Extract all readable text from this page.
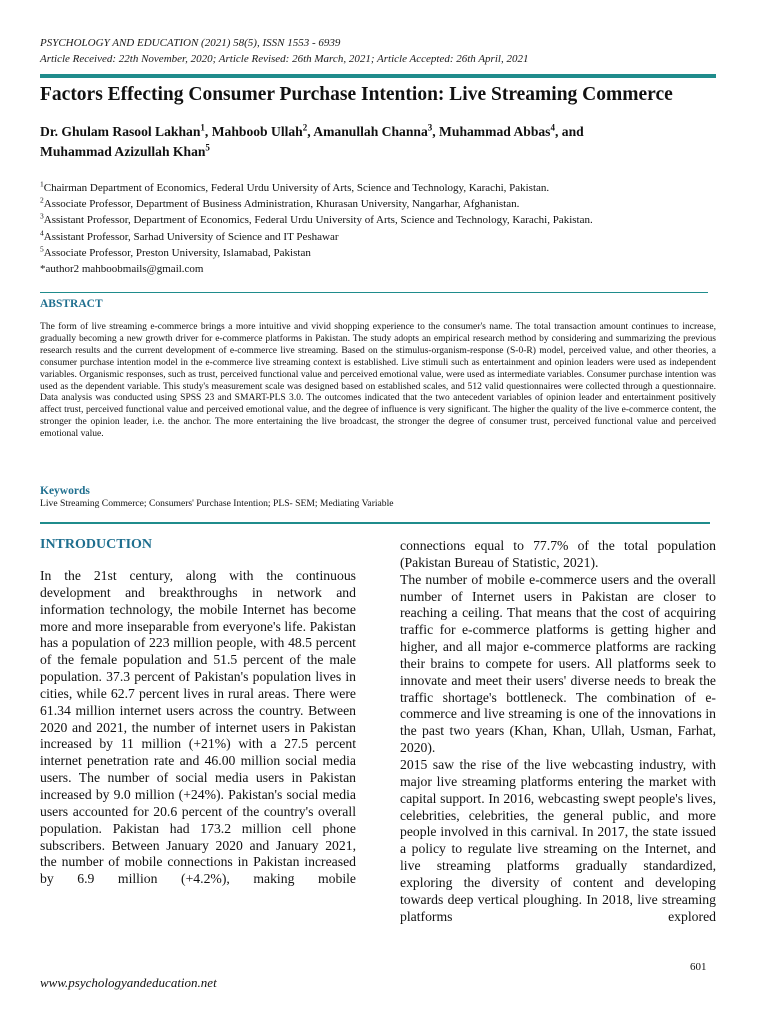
PSYCHOLOGY AND EDUCATION (2021) 58(5), ISSN 1553 - 6939
Article Received: 22th November, 2020; Article Revised: 26th March, 2021; Article Accepted: 26th April, 2021
Factors Effecting Consumer Purchase Intention: Live Streaming Commerce
Dr. Ghulam Rasool Lakhan$^1$, Mahboob Ullah$^2$, Amanullah Channa$^3$, Muhammad Abbas$^4$, and
Muhammad Azizullah Khan$^5$
$^1$Chairman Department of Economics, Federal Urdu University of Arts, Science and Technology, Karachi, Pakistan.
$^2$Associate Professor, Department of Business Administration, Khurasan University, Nangarhar, Afghanistan.
$^3$Assistant Professor, Department of Economics, Federal Urdu University of Arts, Science and Technology, Karachi, Pakistan.
$^4$Assistant Professor, Sarhad University of Science and IT Peshawar
$^5$Associate Professor, Preston University, Islamabad, Pakistan
*author2 mahboobmails@gmail.com
ABSTRACT
The form of live streaming e-commerce brings a more intuitive and vivid shopping experience to the consumer's name. The total transaction amount continues to increase, gradually becoming a new growth driver for e-commerce platforms in Pakistan. The study adopts an empirical research method by considering and summarizing the previous research results and the current development of e-commerce live streaming. Based on the stimulus-organism-response (S-0-R) model, perceived value, and other theories, a consumer purchase intention model in the e-commerce live streaming context is established. Live stimuli such as entertainment and opinion leaders were used as independent variables. Organismic responses, such as trust, perceived functional value and perceived emotional value, were used as intermediate variables. Consumer purchase intention was used as the dependent variable. This study's measurement scale was designed based on established scales, and 512 valid questionnaires were collected through a questionnaire. Data analysis was conducted using SPSS 23 and SMART-PLS 3.0. The outcomes indicated that the two antecedent variables of opinion leader and entertainment positively affect trust, perceived functional value and perceived emotional value, and the degree of influence is very significant. The higher the quality of the live e-commerce content, the stronger the opinion leader, i.e. the anchor. The more entertaining the live broadcast, the stronger the degree of consumer trust, perceived functional value and perceived emotional value.
Keywords
Live Streaming Commerce; Consumers' Purchase Intention; PLS- SEM; Mediating Variable
INTRODUCTION

In the 21st century, along with the continuous development and breakthroughs in network and information technology, the mobile Internet has become more and more inseparable from everyone's life. Pakistan has a population of 223 million people, with 48.5 percent of the female population and 51.5 percent of the male population. 37.3 percent of Pakistan's population lives in cities, while 62.7 percent lives in rural areas. There were 61.34 million internet users across the country. Between 2020 and 2021, the number of internet users in Pakistan increased by 11 million (+21%) with a 27.5 percent internet penetration rate and 46.00 million social media users. The number of social media users in Pakistan increased by 9.0 million (+24%). Pakistan's social media users accounted for 20.6 percent of the country's overall population. Pakistan had 173.2 million cell phone subscribers. Between January 2020 and January 2021, the number of mobile connections in Pakistan increased by 6.9 million (+4.2%), making mobile

connections equal to 77.7% of the total population (Pakistan Bureau of Statistic, 2021).

The number of mobile e-commerce users and the overall number of Internet users in Pakistan are closer to reaching a ceiling. That means that the cost of acquiring traffic for e-commerce platforms is getting higher and higher, and all major e-commerce platforms are racking their brains to compete for users. All platforms seek to innovate and meet their users' diverse needs to break the traffic shortage's bottleneck. The combination of e-commerce and live streaming is one of the innovations in the past two years (Khan, Khan, Ullah, Usman, Farhat, 2020).

2015 saw the rise of the live webcasting industry, with major live streaming platforms entering the market with capital support. In 2016, webcasting swept people's lives, celebrities, celebrities, the general public, and more people involved in this carnival. In 2017, the state issued a policy to regulate live streaming on the Internet, and live streaming platforms gradually standardized, exploring the diversity of content and developing towards deep vertical ploughing. In 2018, live streaming platforms explored

601
www.psychologyandeducation.net
